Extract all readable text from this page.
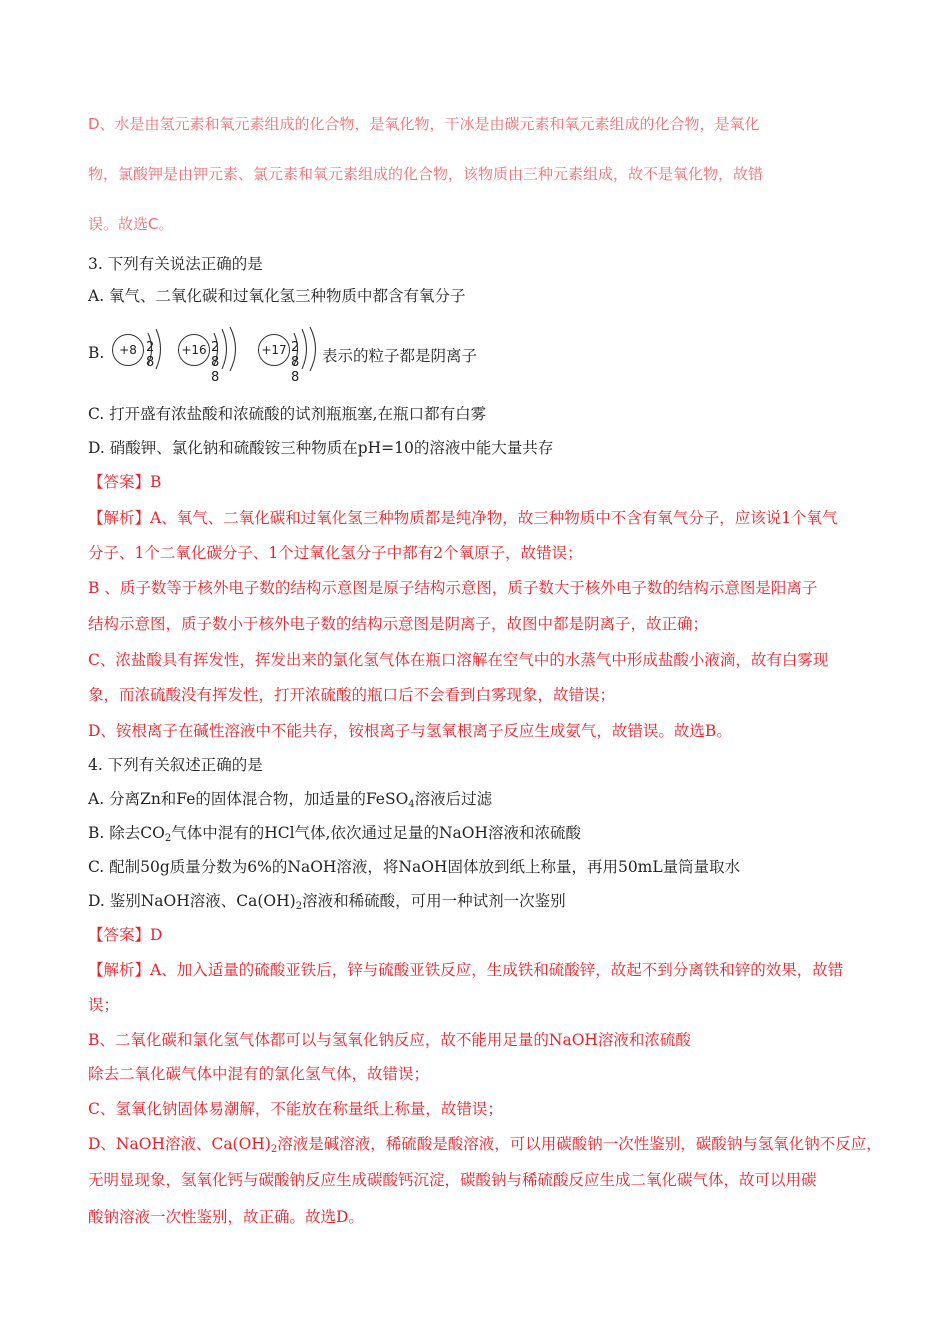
D、水是由氢元素和氧元素组成的化合物，是氧化物，干冰是由碳元素和氧元素组成的化合物，是氧化
物，氯酸钾是由钾元素、氯元素和氧元素组成的化合物，该物质由三种元素组成，故不是氧化物，故错
误。故选C。
3. 下列有关说法正确的是
A. 氧气、二氧化碳和过氧化氢三种物质中都含有氧分子
B.	+8 2 8
+16 2 8 8
+17 2 8 8
表示的粒子都是阴离子
C. 打开盛有浓盐酸和浓硫酸的试剂瓶瓶塞,在瓶口都有白雾
D. 硝酸钾、氯化钠和硫酸铵三种物质在pH=10的溶液中能大量共存
【答案】B
【解析】A、氧气、二氧化碳和过氧化氢三种物质都是纯净物，故三种物质中不含有氧气分子，应该说1个氧气
分子、1个二氧化碳分子、1个过氧化氢分子中都有2个氧原子，故错误；
B 、质子数等于核外电子数的结构示意图是原子结构示意图，质子数大于核外电子数的结构示意图是阳离子
结构示意图，质子数小于核外电子数的结构示意图是阴离子，故图中都是阴离子，故正确；
C、浓盐酸具有挥发性，挥发出来的氯化氢气体在瓶口溶解在空气中的水蒸气中形成盐酸小液滴，故有白雾现
象，而浓硫酸没有挥发性，打开浓硫酸的瓶口后不会看到白雾现象，故错误；
D、铵根离子在碱性溶液中不能共存，铵根离子与氢氧根离子反应生成氨气，故错误。故选B。
4. 下列有关叙述正确的是
A. 分离Zn和Fe的固体混合物，加适量的FeSO$_4$溶液后过滤
B. 除去$CO_2$气体中混有的HCl气体,依次通过足量的NaOH溶液和浓硫酸
C. 配制50g质量分数为6%的NaOH溶液，将NaOH固体放到纸上称量，再用50mL量筒量取水
D. 鉴别NaOH溶液、$Ca(OH)_2$溶液和稀硫酸，可用一种试剂一次鉴别
【答案】D
【解析】A、加入适量的硫酸亚铁后，锌与硫酸亚铁反应，生成铁和硫酸锌，故起不到分离铁和锌的效果，故错
误；
B、二氧化碳和氯化氢气体都可以与氢氧化钠反应，故不能用足量的NaOH溶液和浓硫酸
除去二氧化碳气体中混有的氯化氢气体，故错误；
C、氢氧化钠固体易潮解，不能放在称量纸上称量，故错误；
D、NaOH溶液、$Ca(OH)_2$溶液是碱溶液，稀硫酸是酸溶液，可以用碳酸钠一次性鉴别，碳酸钠与氢氧化钠不反应，
无明显现象，氢氧化钙与碳酸钠反应生成碳酸钙沉淀，碳酸钠与稀硫酸反应生成二氧化碳气体，故可以用碳
酸钠溶液一次性鉴别，故正确。故选D。
